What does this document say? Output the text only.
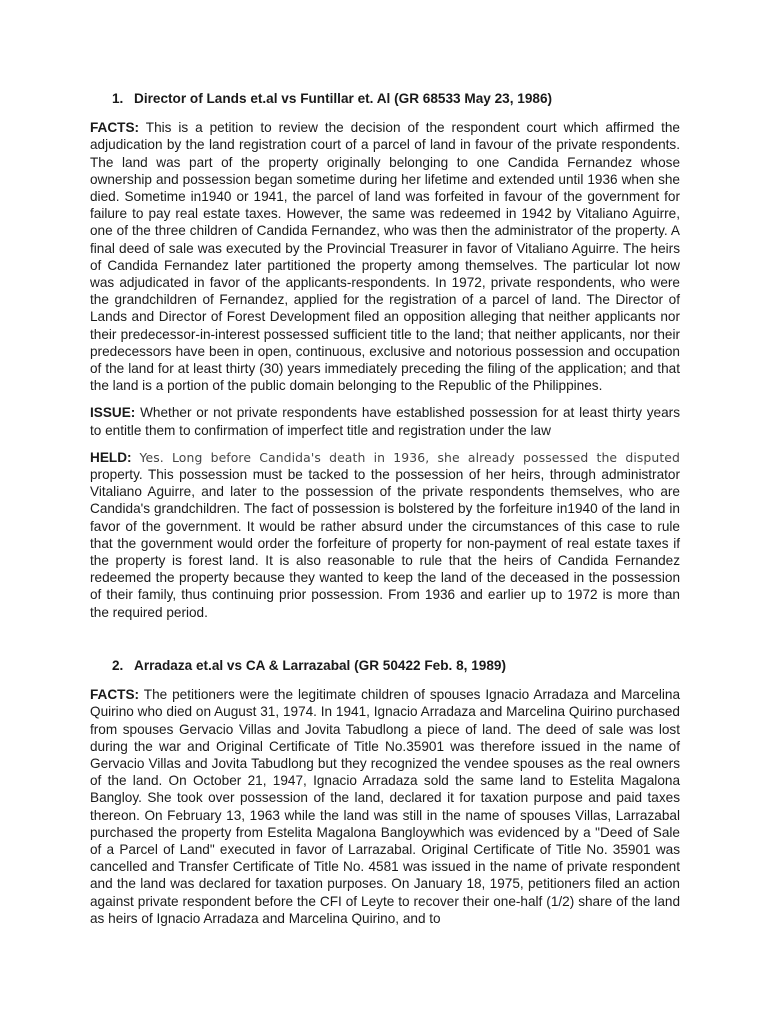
1. Director of Lands et.al vs Funtillar et. Al (GR 68533 May 23, 1986)

FACTS: This is a petition to review the decision of the respondent court which affirmed the adjudication by the land registration court of a parcel of land in favour of the private respondents. The land was part of the property originally belonging to one Candida Fernandez whose ownership and possession began sometime during her lifetime and extended until 1936 when she died. Sometime in1940 or 1941, the parcel of land was forfeited in favour of the government for failure to pay real estate taxes. However, the same was redeemed in 1942 by Vitaliano Aguirre, one of the three children of Candida Fernandez, who was then the administrator of the property. A final deed of sale was executed by the Provincial Treasurer in favor of Vitaliano Aguirre. The heirs of Candida Fernandez later partitioned the property among themselves. The particular lot now was adjudicated in favor of the applicants-respondents. In 1972, private respondents, who were the grandchildren of Fernandez, applied for the registration of a parcel of land. The Director of Lands and Director of Forest Development filed an opposition alleging that neither applicants nor their predecessor-in-interest possessed sufficient title to the land; that neither applicants, nor their predecessors have been in open, continuous, exclusive and notorious possession and occupation of the land for at least thirty (30) years immediately preceding the filing of the application; and that the land is a portion of the public domain belonging to the Republic of the Philippines.

ISSUE: Whether or not private respondents have established possession for at least thirty years to entitle them to confirmation of imperfect title and registration under the law

HELD: Yes. Long before Candida's death in 1936, she already possessed the disputed property. This possession must be tacked to the possession of her heirs, through administrator Vitaliano Aguirre, and later to the possession of the private respondents themselves, who are Candida's grandchildren. The fact of possession is bolstered by the forfeiture in1940 of the land in favor of the government. It would be rather absurd under the circumstances of this case to rule that the government would order the forfeiture of property for non-payment of real estate taxes if the property is forest land. It is also reasonable to rule that the heirs of Candida Fernandez redeemed the property because they wanted to keep the land of the deceased in the possession of their family, thus continuing prior possession. From 1936 and earlier up to 1972 is more than the required period.

2. Arradaza et.al vs CA & Larrazabal (GR 50422 Feb. 8, 1989)

FACTS: The petitioners were the legitimate children of spouses Ignacio Arradaza and Marcelina Quirino who died on August 31, 1974. In 1941, Ignacio Arradaza and Marcelina Quirino purchased from spouses Gervacio Villas and Jovita Tabudlong a piece of land. The deed of sale was lost during the war and Original Certificate of Title No.35901 was therefore issued in the name of Gervacio Villas and Jovita Tabudlong but they recognized the vendee spouses as the real owners of the land. On October 21, 1947, Ignacio Arradaza sold the same land to Estelita Magalona Bangloy. She took over possession of the land, declared it for taxation purpose and paid taxes thereon. On February 13, 1963 while the land was still in the name of spouses Villas, Larrazabal purchased the property from Estelita Magalona Bangloywhich was evidenced by a "Deed of Sale of a Parcel of Land" executed in favor of Larrazabal. Original Certificate of Title No. 35901 was cancelled and Transfer Certificate of Title No. 4581 was issued in the name of private respondent and the land was declared for taxation purposes. On January 18, 1975, petitioners filed an action against private respondent before the CFI of Leyte to recover their one-half (1/2) share of the land as heirs of Ignacio Arradaza and Marcelina Quirino, and to
